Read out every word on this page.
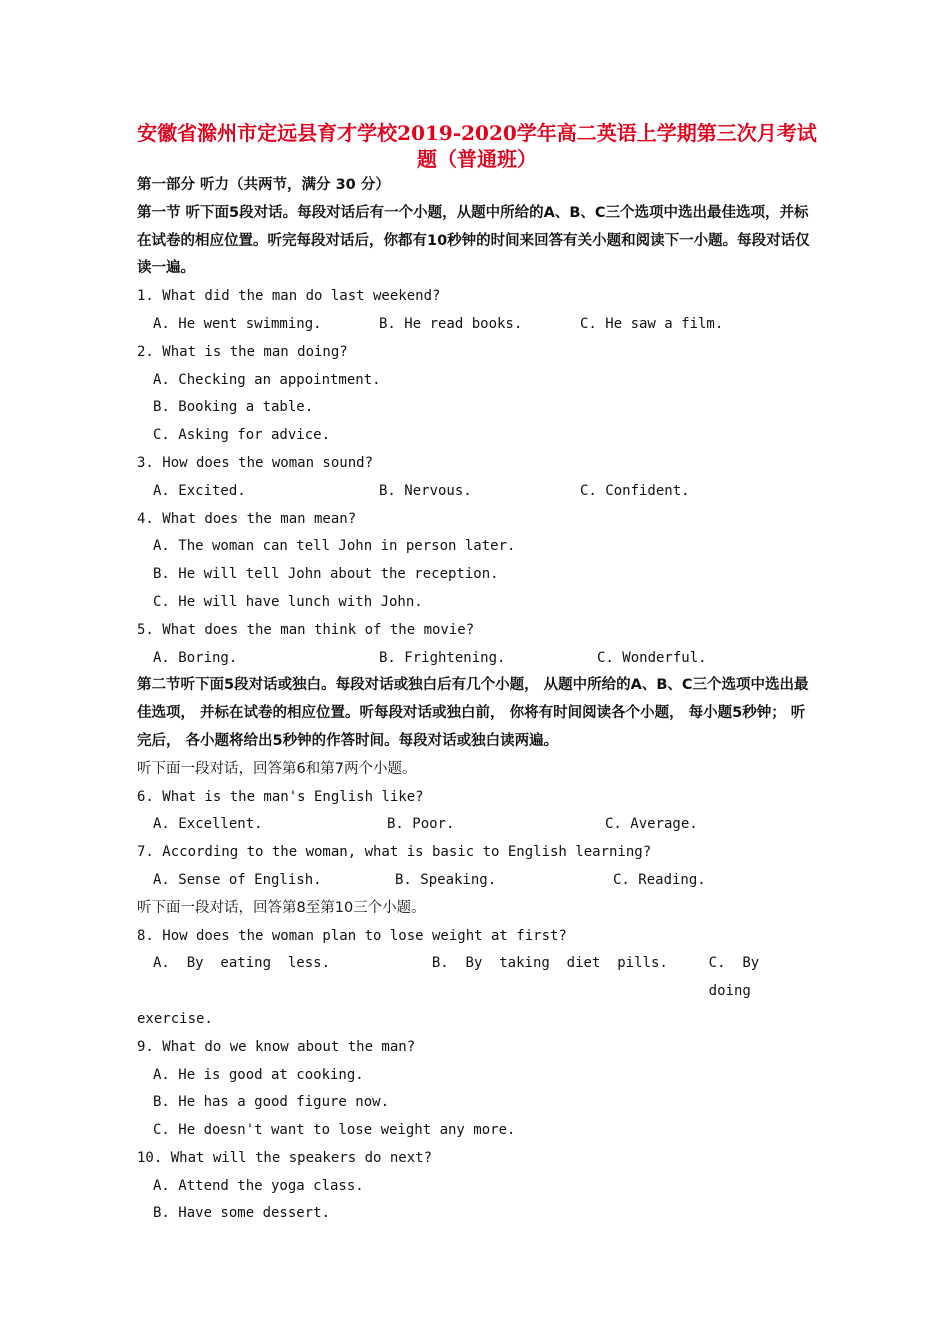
安徽省滁州市定远县育才学校2019-2020学年高二英语上学期第三次月考试题（普通班）
第一部分 听力（共两节，满分 30 分）
第一节 听下面5段对话。每段对话后有一个小题，从题中所给的A、B、C三个选项中选出最佳选项，并标在试卷的相应位置。听完每段对话后，你都有10秒钟的时间来回答有关小题和阅读下一小题。每段对话仅读一遍。
1. What did the man do last weekend?
A. He went swimming.	B. He read books.	C. He saw a film.
2. What is the man doing?
A. Checking an appointment.
B. Booking a table.
C. Asking for advice.
3. How does the woman sound?
A. Excited.	B. Nervous.	C. Confident.
4. What does the man mean?
A. The woman can tell John in person later.
B. He will tell John about the reception.
C. He will have lunch with John.
5. What does the man think of the movie?
A. Boring.	B. Frightening.	C. Wonderful.
第二节听下面5段对话或独白。每段对话或独白后有几个小题， 从题中所给的A、B、C三个选项中选出最佳选项， 并标在试卷的相应位置。听每段对话或独白前， 你将有时间阅读各个小题， 每小题5秒钟； 听完后， 各小题将给出5秒钟的作答时间。每段对话或独白读两遍。
听下面一段对话，回答第6和第7两个小题。
6. What is the man's English like?
A. Excellent.	B. Poor.	C. Average.
7. According to the woman, what is basic to English learning?
A. Sense of English.	B. Speaking.	C. Reading.
听下面一段对话，回答第8至第10三个小题。
8. How does the woman plan to lose weight at first?
A.  By  eating  less.	B.  By  taking  diet  pills.	C.  By  doing
exercise.
9. What do we know about the man?
A. He is good at cooking.
B. He has a good figure now.
C. He doesn't want to lose weight any more.
10. What will the speakers do next?
A. Attend the yoga class.
B. Have some dessert.
